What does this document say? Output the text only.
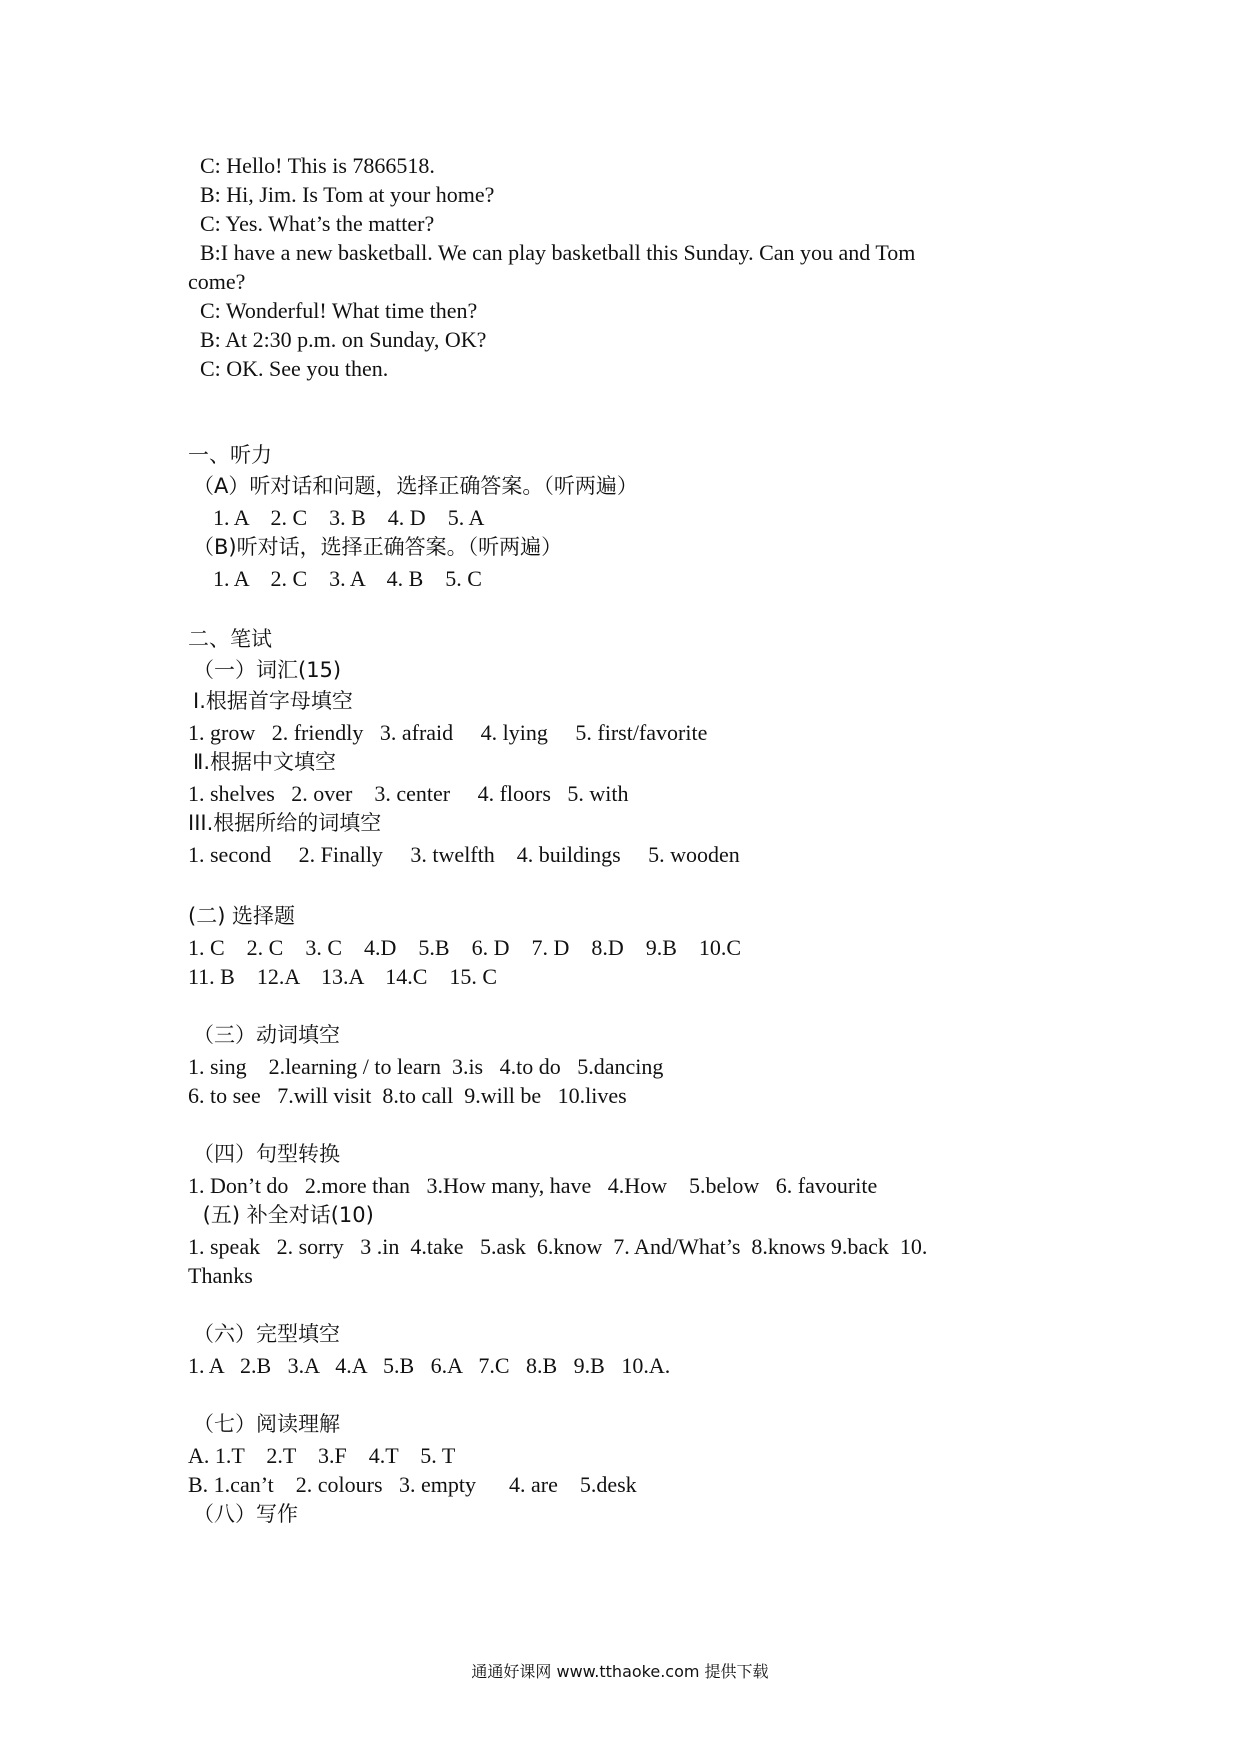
C: Hello! This is 7866518.
B: Hi, Jim. Is Tom at your home?
C: Yes. What’s the matter?
B:I have a new basketball. We can play basketball this Sunday. Can you and Tom
come?
C: Wonderful! What time then?
B: At 2:30 p.m. on Sunday, OK?
C: OK. See you then.
一、听力
（A）听对话和问题，选择正确答案。（听两遍）
1. A    2. C    3. B    4. D    5. A
（B)听对话，选择正确答案。（听两遍）
1. A    2. C    3. A    4. B    5. C
二、笔试
（一）词汇(15)
Ⅰ.根据首字母填空
1. grow   2. friendly   3. afraid     4. lying     5. first/favorite
Ⅱ.根据中文填空
1. shelves   2. over    3. center     4. floors   5. with
III.根据所给的词填空
1. second     2. Finally     3. twelfth    4. buildings     5. wooden
(二) 选择题
1. C    2. C    3. C    4.D    5.B    6. D    7. D    8.D    9.B    10.C
11. B    12.A    13.A    14.C    15. C
（三）动词填空
1. sing    2.learning / to learn  3.is   4.to do   5.dancing
6. to see   7.will visit  8.to call  9.will be   10.lives
（四）句型转换
1. Don’t do   2.more than   3.How many, have   4.How    5.below   6. favourite
(五) 补全对话(10)
1. speak   2. sorry   3 .in  4.take   5.ask  6.know  7. And/What’s  8.knows 9.back  10.
Thanks
（六）完型填空
1. A   2.B   3.A   4.A   5.B   6.A   7.C   8.B   9.B   10.A.
（七）阅读理解
A. 1.T    2.T    3.F    4.T    5. T
B. 1.can’t    2. colours   3. empty      4. are    5.desk
（八）写作
通通好课网 www.tthaoke.com 提供下载
